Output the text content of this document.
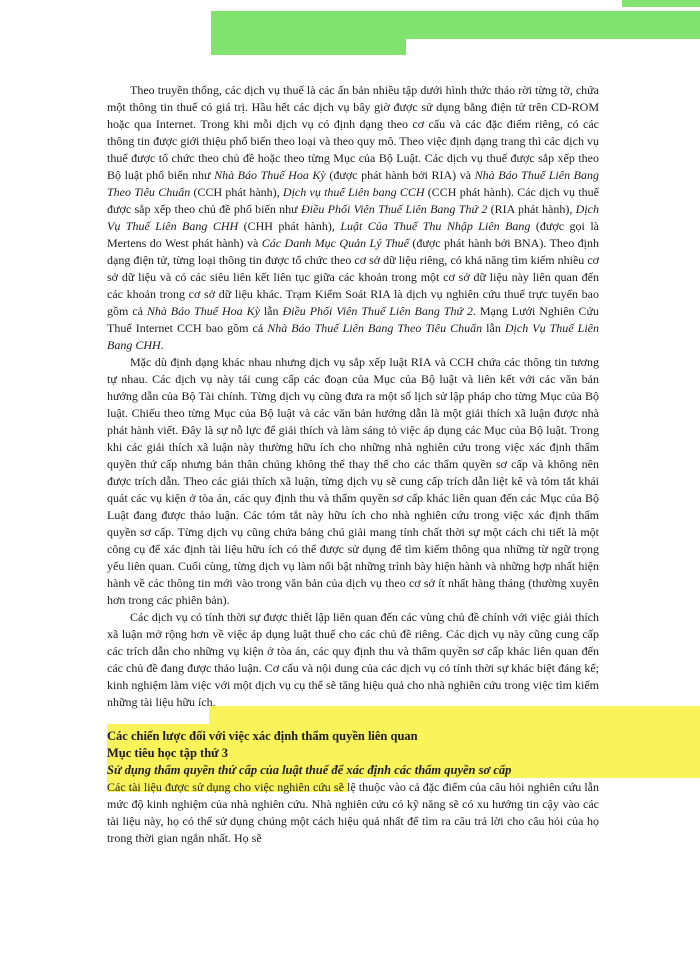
Theo truyền thống, các dịch vụ thuế là các ấn bản nhiều tập dưới hình thức tháo rời từng tờ, chứa một thông tin thuế có giá trị. Hầu hết các dịch vụ bây giờ được sử dụng bằng điện tử trên CD-ROM hoặc qua Internet. Trong khi mỗi dịch vụ có định dạng theo cơ cấu và các đặc điểm riêng, có các thông tin được giới thiệu phổ biến theo loại và theo quy mô. Theo việc định dạng trang thì các dịch vụ thuế được tổ chức theo chủ đề hoặc theo từng Mục của Bộ Luật. Các dịch vụ thuế được sắp xếp theo Bộ luật phổ biến như Nhà Báo Thuế Hoa Kỳ (được phát hành bởi RIA) và Nhà Báo Thuế Liên Bang Theo Tiêu Chuẩn (CCH phát hành), Dịch vụ thuế Liên bang CCH (CCH phát hành). Các dịch vụ thuế được sắp xếp theo chủ đề phổ biến như Điều Phối Viên Thuế Liên Bang Thứ 2 (RIA phát hành), Dịch Vụ Thuế Liên Bang CHH (CHH phát hành), Luật Của Thuế Thu Nhập Liên Bang (được gọi là Mertens do West phát hành) và Các Danh Mục Quản Lý Thuế (được phát hành bởi BNA). Theo định dạng điện tử, từng loại thông tin được tổ chức theo cơ sở dữ liệu riêng, có khả năng tìm kiếm nhiều cơ sở dữ liệu và có các siêu liên kết liên tục giữa các khoản trong một cơ sở dữ liệu này liên quan đến các khoản trong cơ sở dữ liệu khác. Trạm Kiểm Soát RIA là dịch vụ nghiên cứu thuế trực tuyến bao gồm cả Nhà Báo Thuế Hoa Kỳ lẫn Điều Phối Viên Thuế Liên Bang Thứ 2. Mạng Lưới Nghiên Cứu Thuế Internet CCH bao gồm cả Nhà Báo Thuế Liên Bang Theo Tiêu Chuẩn lẫn Dịch Vụ Thuế Liên Bang CHH.

Mặc dù định dạng khác nhau nhưng dịch vụ sắp xếp luật RIA và CCH chứa các thông tin tương tự nhau. Các dịch vụ này tái cung cấp các đoạn của Mục của Bộ luật và liên kết với các văn bản hướng dẫn của Bộ Tài chính. Từng dịch vụ cũng đưa ra một số lịch sử lập pháp cho từng Mục của Bộ luật. Chiếu theo từng Mục của Bộ luật và các văn bản hướng dẫn là một giải thích xã luận được nhà phát hành viết. Đây là sự nỗ lực để giải thích và làm sáng tỏ việc áp dụng các Mục của Bộ luật. Trong khi các giải thích xã luận này thường hữu ích cho những nhà nghiên cứu trong việc xác định thẩm quyền thứ cấp nhưng bản thân chúng không thể thay thế cho các thẩm quyền sơ cấp và không nên được trích dẫn. Theo các giải thích xã luận, từng dịch vụ sẽ cung cấp trích dẫn liệt kê và tóm tắt khái quát các vụ kiện ở tòa án, các quy định thu và thẩm quyền sơ cấp khác liên quan đến các Mục của Bộ Luật đang được thảo luận. Các tóm tắt này hữu ích cho nhà nghiên cứu trong việc xác định thẩm quyền sơ cấp. Từng dịch vụ cũng chứa bảng chú giải mang tính chất thời sự một cách chi tiết là một công cụ để xác định tài liệu hữu ích có thể được sử dụng để tìm kiếm thông qua những từ ngữ trọng yếu liên quan. Cuối cùng, từng dịch vụ làm nổi bật những trình bày hiện hành và những hợp nhất hiện hành về các thông tin mới vào trong văn bản của dịch vụ theo cơ sở ít nhất hàng tháng (thường xuyên hơn trong các phiên bản).

Các dịch vụ có tính thời sự được thiết lập liên quan đến các vùng chủ đề chính với việc giải thích xã luận mở rộng hơn về việc áp dụng luật thuế cho các chủ đề riêng. Các dịch vụ này cũng cung cấp các trích dẫn cho những vụ kiện ở tòa án, các quy định thu và thẩm quyền sơ cấp khác liên quan đến các chủ đề đang được thảo luận. Cơ cấu và nội dung của các dịch vụ có tính thời sự khác biệt đáng kể; kinh nghiệm làm việc với một dịch vụ cụ thể sẽ tăng hiệu quả cho nhà nghiên cứu trong việc tìm kiếm những tài liệu hữu ích.

Các chiến lược đối với việc xác định thẩm quyền liên quan
Mục tiêu học tập thứ 3
Sử dụng thẩm quyền thứ cấp của luật thuế để xác định các thẩm quyền sơ cấp

Các tài liệu được sử dụng cho việc nghiên cứu sẽ lệ thuộc vào cả đặc điểm của câu hỏi nghiên cứu lẫn mức độ kinh nghiệm của nhà nghiên cứu. Nhà nghiên cứu có kỹ năng sẽ có xu hướng tin cậy vào các tài liệu này, họ có thể sử dụng chúng một cách hiệu quả nhất để tìm ra câu trả lời cho câu hỏi của họ trong thời gian ngắn nhất. Họ sẽ
